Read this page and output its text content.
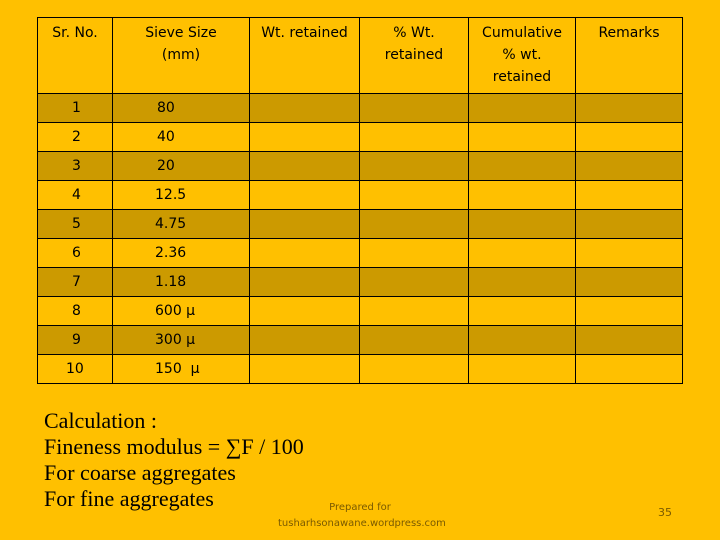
Sr. No.	Sieve Size (mm)	Wt. retained	% Wt. retained	Cumulative % wt. retained	Remarks
1	80				
2	40				
3	20				
4	12.5				
5	4.75				
6	2.36				
7	1.18				
8	600 μ				
9	300 μ				
10	150  μ				
Calculation :
Fineness modulus = ∑F / 100
For coarse aggregates
For fine aggregates	Prepared for
tusharhsonawane.wordpress.com
35
